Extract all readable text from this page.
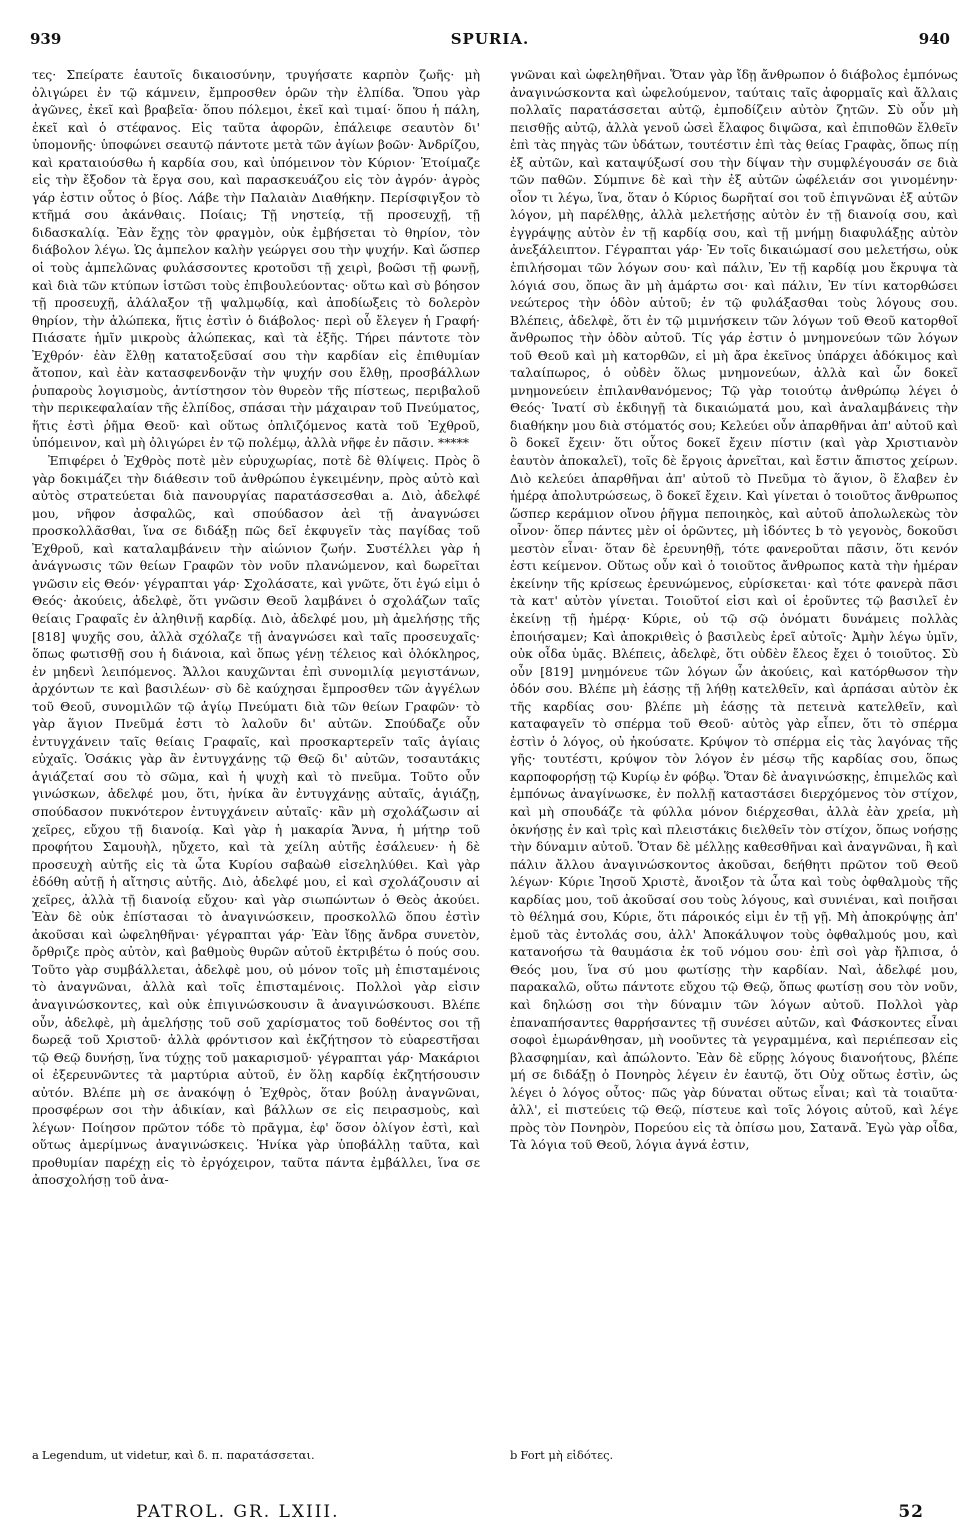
939	SPURIA.	940

τες· Σπείρατε ἑαυτοῖς δικαιοσύνην, τρυγήσατε καρπὸν ζωῆς· μὴ ὀλιγώρει ἐν τῷ κάμνειν, ἔμπροσθεν ὁρῶν τὴν ἐλπίδα. Ὅπου γὰρ ἀγῶνες, ἐκεῖ καὶ βραβεῖα· ὅπου πόλεμοι, ἐκεῖ καὶ τιμαί· ὅπου ἡ πάλη, ἐκεῖ καὶ ὁ στέφανος. Εἰς ταῦτα ἀφορῶν, ἐπάλειφε σεαυτὸν δι' ὑπομονῆς· ὑποφώνει σεαυτῷ πάντοτε μετὰ τῶν ἁγίων βοῶν· Ἀνδρίζου, καὶ κραταιούσθω ἡ καρδία σου, καὶ ὑπόμεινον τὸν Κύριον· Ἑτοίμαζε εἰς τὴν ἔξοδον τὰ ἔργα σου, καὶ παρασκευάζου εἰς τὸν ἀγρόν· ἀγρὸς γάρ ἐστιν οὗτος ὁ βίος. Λάβε τὴν Παλαιὰν Διαθήκην. Περίσφιγξον τὸ κτῆμά σου ἀκάνθαις. Ποίαις; Τῇ νηστείᾳ, τῇ προσευχῇ, τῇ διδασκαλίᾳ. Ἐὰν ἔχῃς τὸν φραγμὸν, οὐκ ἐμβήσεται τὸ θηρίον, τὸν διάβολον λέγω. Ὡς ἀμπελον καλὴν γεώργει σου τὴν ψυχήν. Καὶ ὥσπερ οἱ τοὺς ἀμπελῶνας φυλάσσοντες κροτοῦσι τῇ χειρὶ, βοῶσι τῇ φωνῇ, καὶ διὰ τῶν κτύπων ἱστῶσι τοὺς ἐπιβουλεύοντας· οὕτω καὶ σὺ βόησον τῇ προσευχῇ, ἀλάλαξον τῇ ψαλμῳδίᾳ, καὶ ἀποδίωξεις τὸ δολερὸν θηρίον, τὴν ἀλώπεκα, ἥτις ἐστὶν ὁ διάβολος· περὶ οὗ ἔλεγεν ἡ Γραφή· Πιάσατε ἡμῖν μικροὺς ἀλώπεκας, καὶ τὰ ἑξῆς. Τήρει πάντοτε τὸν Ἐχθρόν· ἐὰν ἔλθῃ κατατοξεῦσαί σου τὴν καρδίαν εἰς ἐπιθυμίαν ἄτοπον, καὶ ἐὰν κατασφενδονᾷν τὴν ψυχήν σου ἔλθῃ, προσβάλλων ῥυπαροὺς λογισμοὺς, ἀντίστησον τὸν θυρεὸν τῆς πίστεως, περιβαλοῦ τὴν περικεφαλαίαν τῆς ἐλπίδος, σπάσαι τὴν μάχαιραν τοῦ Πνεύματος, ἥτις ἐστὶ ῥῆμα Θεοῦ· καὶ οὕτως ὁπλιζόμενος κατὰ τοῦ Ἐχθροῦ, ὑπόμεινον, καὶ μὴ ὀλιγώρει ἐν τῷ πολέμῳ, ἀλλὰ νῆφε ἐν πᾶσιν. *****

Ἐπιφέρει ὁ Ἐχθρὸς ποτὲ μὲν εὐρυχωρίας, ποτὲ δὲ θλίψεις. Πρὸς ὃ γὰρ δοκιμάζει τὴν διάθεσιν τοῦ ἀνθρώπου ἐγκειμένην, πρὸς αὐτὸ καὶ αὐτὸς στρατεύεται διὰ πανουργίας παρατάσσεσθαι a. Διὸ, ἀδελφέ μου, νῆφον ἀσφαλῶς, καὶ σπούδασον ἀεὶ τῇ ἀναγνώσει προσκολλᾶσθαι, ἵνα σε διδάξῃ πῶς δεῖ ἐκφυγεῖν τὰς παγίδας τοῦ Ἐχθροῦ, καὶ καταλαμβάνειν τὴν αἰώνιον ζωήν. Συστέλλει γὰρ ἡ ἀνάγνωσις τῶν θείων Γραφῶν τὸν νοῦν πλανώμενον, καὶ δωρεῖται γνῶσιν εἰς Θεόν· γέγραπται γάρ· Σχολάσατε, καὶ γνῶτε, ὅτι ἐγώ εἰμι ὁ Θεός· ἀκούεις, ἀδελφὲ, ὅτι γνῶσιν Θεοῦ λαμβάνει ὁ σχολάζων ταῖς θείαις Γραφαῖς ἐν ἀληθινῇ καρδίᾳ. Διὸ, ἀδελφέ μου, μὴ ἀμελήσῃς τῆς [818] ψυχῆς σου, ἀλλὰ σχόλαζε τῇ ἀναγνώσει καὶ ταῖς προσευχαῖς· ὅπως φωτισθῇ σου ἡ διάνοια, καὶ ὅπως γένῃ τέλειος καὶ ὁλόκληρος, ἐν μηδενὶ λειπόμενος. Ἄλλοι καυχῶνται ἐπὶ συνομιλίᾳ μεγιστάνων, ἀρχόντων τε καὶ βασιλέων· σὺ δὲ καύχησαι ἔμπροσθεν τῶν ἀγγέλων τοῦ Θεοῦ, συνομιλῶν τῷ ἁγίῳ Πνεύματι διὰ τῶν θείων Γραφῶν· τὸ γὰρ ἅγιον Πνεῦμά ἐστι τὸ λαλοῦν δι' αὐτῶν. Σπούδαζε οὖν ἐντυγχάνειν ταῖς θείαις Γραφαῖς, καὶ προσκαρτερεῖν ταῖς ἁγίαις εὐχαῖς. Ὁσάκις γὰρ ἂν ἐντυγχάνῃς τῷ Θεῷ δι' αὐτῶν, τοσαυτάκις ἁγιάζεταί σου τὸ σῶμα, καὶ ἡ ψυχὴ καὶ τὸ πνεῦμα. Τοῦτο οὖν γινώσκων, ἀδελφέ μου, ὅτι, ἡνίκα ἂν ἐντυγχάνῃς αὐταῖς, ἁγιάζῃ, σπούδασον πυκνότερον ἐντυγχάνειν αὐταῖς· κἂν μὴ σχολάζωσιν αἱ χεῖρες, εὔχου τῇ διανοίᾳ. Καὶ γὰρ ἡ μακαρία Ἄννα, ἡ μήτηρ τοῦ προφήτου Σαμουὴλ, ηὔχετο, καὶ τὰ χείλη αὐτῆς ἐσάλευεν· ἡ δὲ προσευχὴ αὐτῆς εἰς τὰ ὦτα Κυρίου σαβαὼθ εἰσεληλύθει. Καὶ γὰρ ἐδόθη αὐτῇ ἡ αἴτησις αὐτῆς. Διὸ, ἀδελφέ μου, εἰ καὶ σχολάζουσιν αἱ χεῖρες, ἀλλὰ τῇ διανοίᾳ εὔχου· καὶ γὰρ σιωπώντων ὁ Θεὸς ἀκούει. Ἐὰν δὲ οὐκ ἐπίστασαι τὸ ἀναγινώσκειν, προσκολλῶ ὅπου ἐστὶν ἀκοῦσαι καὶ ὠφεληθῆναι· γέγραπται γάρ· Ἐὰν ἴδῃς ἄνδρα συνετὸν, ὄρθριζε πρὸς αὐτὸν, καὶ βαθμοὺς θυρῶν αὐτοῦ ἐκτριβέτω ὁ πούς σου. Τοῦτο γὰρ συμβάλλεται, ἀδελφὲ μου, οὐ μόνον τοῖς μὴ ἐπισταμένοις τὸ ἀναγνῶναι, ἀλλὰ καὶ τοῖς ἐπισταμένοις. Πολλοὶ γὰρ εἰσιν ἀναγινώσκοντες, καὶ οὐκ ἐπιγινώσκουσιν ἃ ἀναγινώσκουσι. Βλέπε οὖν, ἀδελφὲ, μὴ ἀμελήσῃς τοῦ σοῦ χαρίσματος τοῦ δοθέντος σοι τῇ δωρεᾷ τοῦ Χριστοῦ· ἀλλὰ φρόντισον καὶ ἐκζήτησον τὸ εὐαρεστῆσαι τῷ Θεῷ δυνήσῃ, ἵνα τύχῃς τοῦ μακαρισμοῦ· γέγραπται γάρ· Μακάριοι οἱ ἐξερευνῶντες τὰ μαρτύρια αὐτοῦ, ἐν ὅλῃ καρδίᾳ ἐκζητήσουσιν αὐτόν. Βλέπε μὴ σε ἀνακόψῃ ὁ Ἐχθρὸς, ὅταν βούλῃ ἀναγνῶναι, προσφέρων σοι τὴν ἀδικίαν, καὶ βάλλων σε εἰς πειρασμοὺς, καὶ λέγων· Ποίησον πρῶτον τόδε τὸ πρᾶγμα, ἐφ' ὅσον ὀλίγον ἐστὶ, καὶ οὕτως ἀμερίμνως ἀναγινώσκεις. Ἡνίκα γὰρ ὑποβάλλῃ ταῦτα, καὶ προθυμίαν παρέχῃ εἰς τὸ ἐργόχειρον, ταῦτα πάντα ἐμβάλλει, ἵνα σε ἀποσχολήσῃ τοῦ ἀνα-

γνῶναι καὶ ὠφεληθῆναι. Ὅταν γὰρ ἴδῃ ἄνθρωπον ὁ διάβολος ἐμπόνως ἀναγινώσκοντα καὶ ὠφελούμενον, ταύταις ταῖς ἀφορμαῖς καὶ ἄλλαις πολλαῖς παρατάσσεται αὐτῷ, ἐμποδίζειν αὐτὸν ζητῶν. Σὺ οὖν μὴ πεισθῇς αὐτῷ, ἀλλὰ γενοῦ ὡσεὶ ἔλαφος διψῶσα, καὶ ἐπιποθῶν ἔλθεῖν ἐπὶ τὰς πηγὰς τῶν ὑδάτων, τουτέστιν ἐπὶ τὰς θείας Γραφὰς, ὅπως πίῃ ἐξ αὐτῶν, καὶ καταψύξωσί σου τὴν δίψαν τὴν συμφλέγουσάν σε διὰ τῶν παθῶν. Σύμπινε δὲ καὶ τὴν ἐξ αὐτῶν ὠφέλειάν σοι γινομένην· οἷον τι λέγω, ἵνα, ὅταν ὁ Κύριος δωρῆταί σοι τοῦ ἐπιγνῶναι ἐξ αὐτῶν λόγον, μὴ παρέλθῃς, ἀλλὰ μελετήσῃς αὐτὸν ἐν τῇ διανοίᾳ σου, καὶ ἐγγράψῃς αὐτὸν ἐν τῇ καρδίᾳ σου, καὶ τῇ μνήμῃ διαφυλάξῃς αὐτὸν ἀνεξάλειπτον. Γέγραπται γάρ· Ἐν τοῖς δικαιώμασί σου μελετήσω, οὐκ ἐπιλήσομαι τῶν λόγων σου· καὶ πάλιν, Ἐν τῇ καρδίᾳ μου ἔκρυψα τὰ λόγιά σου, ὅπως ἂν μὴ ἁμάρτω σοι· καὶ πάλιν, Ἐν τίνι κατορθώσει νεώτερος τὴν ὁδὸν αὐτοῦ; ἐν τῷ φυλάξασθαι τοὺς λόγους σου. Βλέπεις, ἀδελφὲ, ὅτι ἐν τῷ μιμνήσκειν τῶν λόγων τοῦ Θεοῦ κατορθοῖ ἄνθρωπος τὴν ὁδὸν αὐτοῦ. Τίς γάρ ἐστιν ὁ μνημονεύων τῶν λόγων τοῦ Θεοῦ καὶ μὴ κατορθῶν, εἰ μὴ ἄρα ἐκεῖνος ὑπάρχει ἀδόκιμος καὶ ταλαίπωρος, ὁ οὐδὲν ὅλως μνημονεύων, ἀλλὰ καὶ ὧν δοκεῖ μνημονεύειν ἐπιλανθανόμενος; Τῷ γὰρ τοιούτῳ ἀνθρώπῳ λέγει ὁ Θεός· Ἱνατί σὺ ἐκδιηγῇ τὰ δικαιώματά μου, καὶ ἀναλαμβάνεις τὴν διαθήκην μου διὰ στόματός σου; Κελεύει οὖν ἀπαρθῆναι ἀπ' αὐτοῦ καὶ ὃ δοκεῖ ἔχειν· ὅτι οὗτος δοκεῖ ἔχειν πίστιν (καὶ γὰρ Χριστιανὸν ἑαυτὸν ἀποκαλεῖ), τοῖς δὲ ἔργοις ἀρνεῖται, καὶ ἔστιν ἄπιστος χείρων. Διὸ κελεύει ἀπαρθῆναι ἀπ' αὐτοῦ τὸ Πνεῦμα τὸ ἅγιον, ὃ ἔλαβεν ἐν ἡμέρᾳ ἀπολυτρώσεως, ὃ δοκεῖ ἔχειν. Καὶ γίνεται ὁ τοιοῦτος ἄνθρωπος ὥσπερ κεράμιον οἴνου ῥῆγμα πεποιηκὸς, καὶ αὐτοῦ ἀπολωλεκὼς τὸν οἶνον· ὅπερ πάντες μὲν οἱ ὁρῶντες, μὴ ἰδόντες b τὸ γεγονὸς, δοκοῦσι μεστὸν εἶναι· ὅταν δὲ ἐρευνηθῇ, τότε φανεροῦται πᾶσιν, ὅτι κενόν ἐστι κείμενον. Οὕτως οὖν καὶ ὁ τοιοῦτος ἄνθρωπος κατὰ τὴν ἡμέραν ἐκείνην τῆς κρίσεως ἐρευνώμενος, εὑρίσκεται· καὶ τότε φανερὰ πᾶσι τὰ κατ' αὐτὸν γίνεται. Τοιοῦτοί εἰσι καὶ οἱ ἐροῦντες τῷ βασιλεῖ ἐν ἐκείνῃ τῇ ἡμέρᾳ· Κύριε, οὐ τῷ σῷ ὀνόματι δυνάμεις πολλὰς ἐποιήσαμεν; Καὶ ἀποκριθεὶς ὁ βασιλεὺς ἐρεῖ αὐτοῖς· Ἀμὴν λέγω ὑμῖν, οὐκ οἶδα ὑμᾶς. Βλέπεις, ἀδελφὲ, ὅτι οὐδὲν ἔλεος ἔχει ὁ τοιοῦτος. Σὺ οὖν [819] μνημόνευε τῶν λόγων ὧν ἀκούεις, καὶ κατόρθωσον τὴν ὁδόν σου. Βλέπε μὴ ἐάσῃς τῇ λήθῃ κατελθεῖν, καὶ ἁρπάσαι αὐτὸν ἐκ τῆς καρδίας σου· βλέπε μὴ ἐάσῃς τὰ πετεινὰ κατελθεῖν, καὶ καταφαγεῖν τὸ σπέρμα τοῦ Θεοῦ· αὐτὸς γὰρ εἶπεν, ὅτι τὸ σπέρμα ἐστὶν ὁ λόγος, οὐ ἠκούσατε. Κρύψον τὸ σπέρμα εἰς τὰς λαγόνας τῆς γῆς· τουτέστι, κρύψον τὸν λόγον ἐν μέσῳ τῆς καρδίας σου, ὅπως καρποφορήσῃ τῷ Κυρίῳ ἐν φόβῳ. Ὅταν δὲ ἀναγινώσκῃς, ἐπιμελῶς καὶ ἐμπόνως ἀναγίνωσκε, ἐν πολλῇ καταστάσει διερχόμενος τὸν στίχον, καὶ μὴ σπουδάζε τὰ φύλλα μόνον διέρχεσθαι, ἀλλὰ ἐὰν χρεία, μὴ ὀκνήσῃς ἐν καὶ τρὶς καὶ πλειστάκις διελθεῖν τὸν στίχον, ὅπως νοήσῃς τὴν δύναμιν αὐτοῦ. Ὅταν δὲ μέλλῃς καθεσθῆναι καὶ ἀναγνῶναι, ἢ καὶ πάλιν ἄλλου ἀναγινώσκοντος ἀκοῦσαι, δεήθητι πρῶτον τοῦ Θεοῦ λέγων· Κύριε Ἰησοῦ Χριστὲ, ἄνοιξον τὰ ὦτα καὶ τοὺς ὀφθαλμοὺς τῆς καρδίας μου, τοῦ ἀκοῦσαί σου τοὺς λόγους, καὶ συνιέναι, καὶ ποιῆσαι τὸ θέλημά σου, Κύριε, ὅτι πάροικός εἰμι ἐν τῇ γῇ. Μὴ ἀποκρύψῃς ἀπ' ἐμοῦ τὰς ἐντολάς σου, ἀλλ' Ἀποκάλυψον τοὺς ὀφθαλμούς μου, καὶ κατανοήσω τὰ θαυμάσια ἐκ τοῦ νόμου σου· ἐπὶ σοὶ γὰρ ἤλπισα, ὁ Θεός μου, ἵνα σύ μου φωτίσῃς τὴν καρδίαν. Ναὶ, ἀδελφέ μου, παρακαλῶ, οὕτω πάντοτε εὔχου τῷ Θεῷ, ὅπως φωτίσῃ σου τὸν νοῦν, καὶ δηλώσῃ σοι τὴν δύναμιν τῶν λόγων αὐτοῦ. Πολλοὶ γὰρ ἐπαναπήσαντες θαρρήσαντες τῇ συνέσει αὐτῶν, καὶ Φάσκοντες εἶναι σοφοὶ ἐμωράνθησαν, μὴ νοοῦντες τὰ γεγραμμένα, καὶ περιέπεσαν εἰς βλασφημίαν, καὶ ἀπώλοντο. Ἐὰν δὲ εὕρῃς λόγους διανοήτους, βλέπε μή σε διδάξῃ ὁ Πονηρὸς λέγειν ἐν ἑαυτῷ, ὅτι Οὐχ οὕτως ἐστὶν, ὡς λέγει ὁ λόγος οὗτος· πῶς γὰρ δύναται οὕτως εἶναι; καὶ τὰ τοιαῦτα· ἀλλ', εἰ πιστεύεις τῷ Θεῷ, πίστευε καὶ τοῖς λόγοις αὐτοῦ, καὶ λέγε πρὸς τὸν Πονηρὸν, Πορεύου εἰς τὰ ὀπίσω μου, Σατανᾶ. Ἐγὼ γὰρ οἶδα, Τὰ λόγια τοῦ Θεοῦ, λόγια ἁγνά ἐστιν,

a Legendum, ut videtur, καὶ δ. π. παρατάσσεται.	b Fort μὴ εἰδότες.
PATROL. GR. LXIII.	52
